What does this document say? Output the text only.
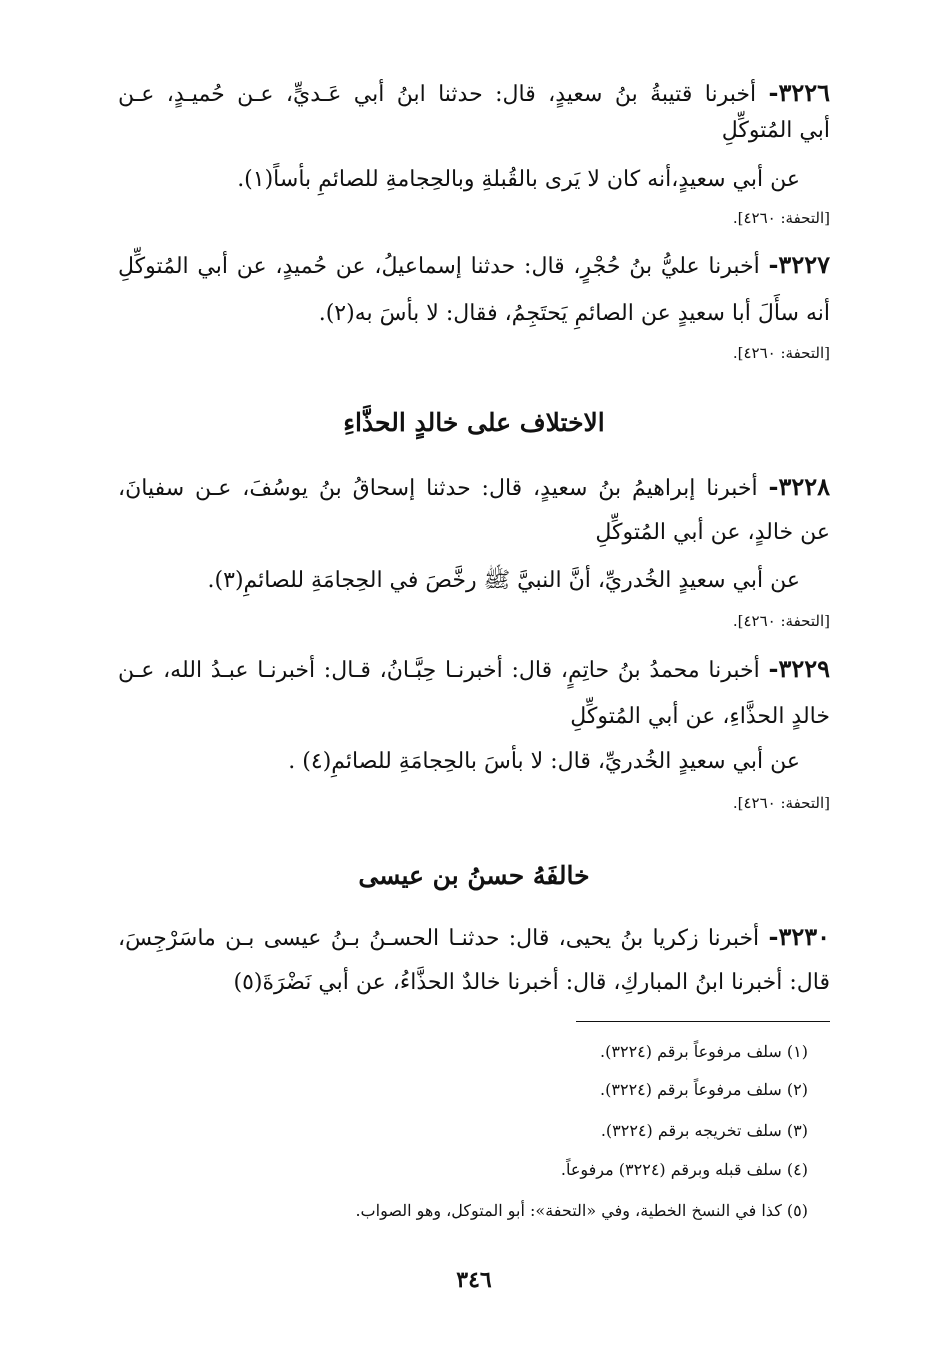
٣٢٢٦- أخبرنا قتيبةُ بنُ سعيدٍ، قال: حدثنا ابنُ أبي عَـديٍّ، عـن حُميـدٍ، عـن
أبي المُتوكِّلِ
عن أبي سعيدٍ،أنه كان لا يَرى بالقُبلةِ وبالحِجامةِ للصائمِ بأساً(١).
[التحفة: ٤٢٦٠].
٣٢٢٧- أخبرنا عليُّ بنُ حُجْرٍ، قال: حدثنا إسماعيلُ، عن حُميدٍ، عن أبي المُتوكِّلِ
أنه سأَلَ أبا سعيدٍ عن الصائمِ يَحتَجِمُ، فقال: لا بأسَ به(٢).
[التحفة: ٤٢٦٠].
الاختلاف على خالدٍ الحذَّاءِ
٣٢٢٨- أخبرنا إبراهيمُ بنُ سعيدٍ، قال: حدثنا إسحاقُ بنُ يوسُفَ، عـن سفيانَ،
عن خالدٍ، عن أبي المُتوكِّلِ
عن أبي سعيدٍ الخُدريِّ، أنَّ النبيَّ ﷺ رخَّصَ في الحِجامَةِ للصائمِ(٣).
[التحفة: ٤٢٦٠].
٣٢٢٩- أخبرنا محمدُ بنُ حاتِمٍ، قال: أخبرنـا حِبَّـانُ، قـال: أخبرنـا عبـدُ الله، عـن
خالدٍ الحذَّاءِ، عن أبي المُتوكِّلِ
عن أبي سعيدٍ الخُدريِّ، قال: لا بأسَ بالحِجامَةِ للصائمِ(٤) .
[التحفة: ٤٢٦٠].
خالفَهُ حسنُ بن عيسى
٣٢٣٠- أخبرنا زكريا بنُ يحيى، قال: حدثنـا الحسـنُ بـنُ عيسى بـن ماسَرْجِسَ،
قال: أخبرنا ابنُ المباركِ، قال: أخبرنا خالدٌ الحذَّاءُ، عن أبي نَضْرَةَ(٥)
(١) سلف مرفوعاً برقم (٣٢٢٤).
(٢) سلف مرفوعاً برقم (٣٢٢٤).
(٣) سلف تخريجه برقم (٣٢٢٤).
(٤) سلف قبله وبرقم (٣٢٢٤) مرفوعاً.
(٥) كذا في النسخ الخطية، وفي «التحفة»: أبو المتوكل، وهو الصواب.
٣٤٦
